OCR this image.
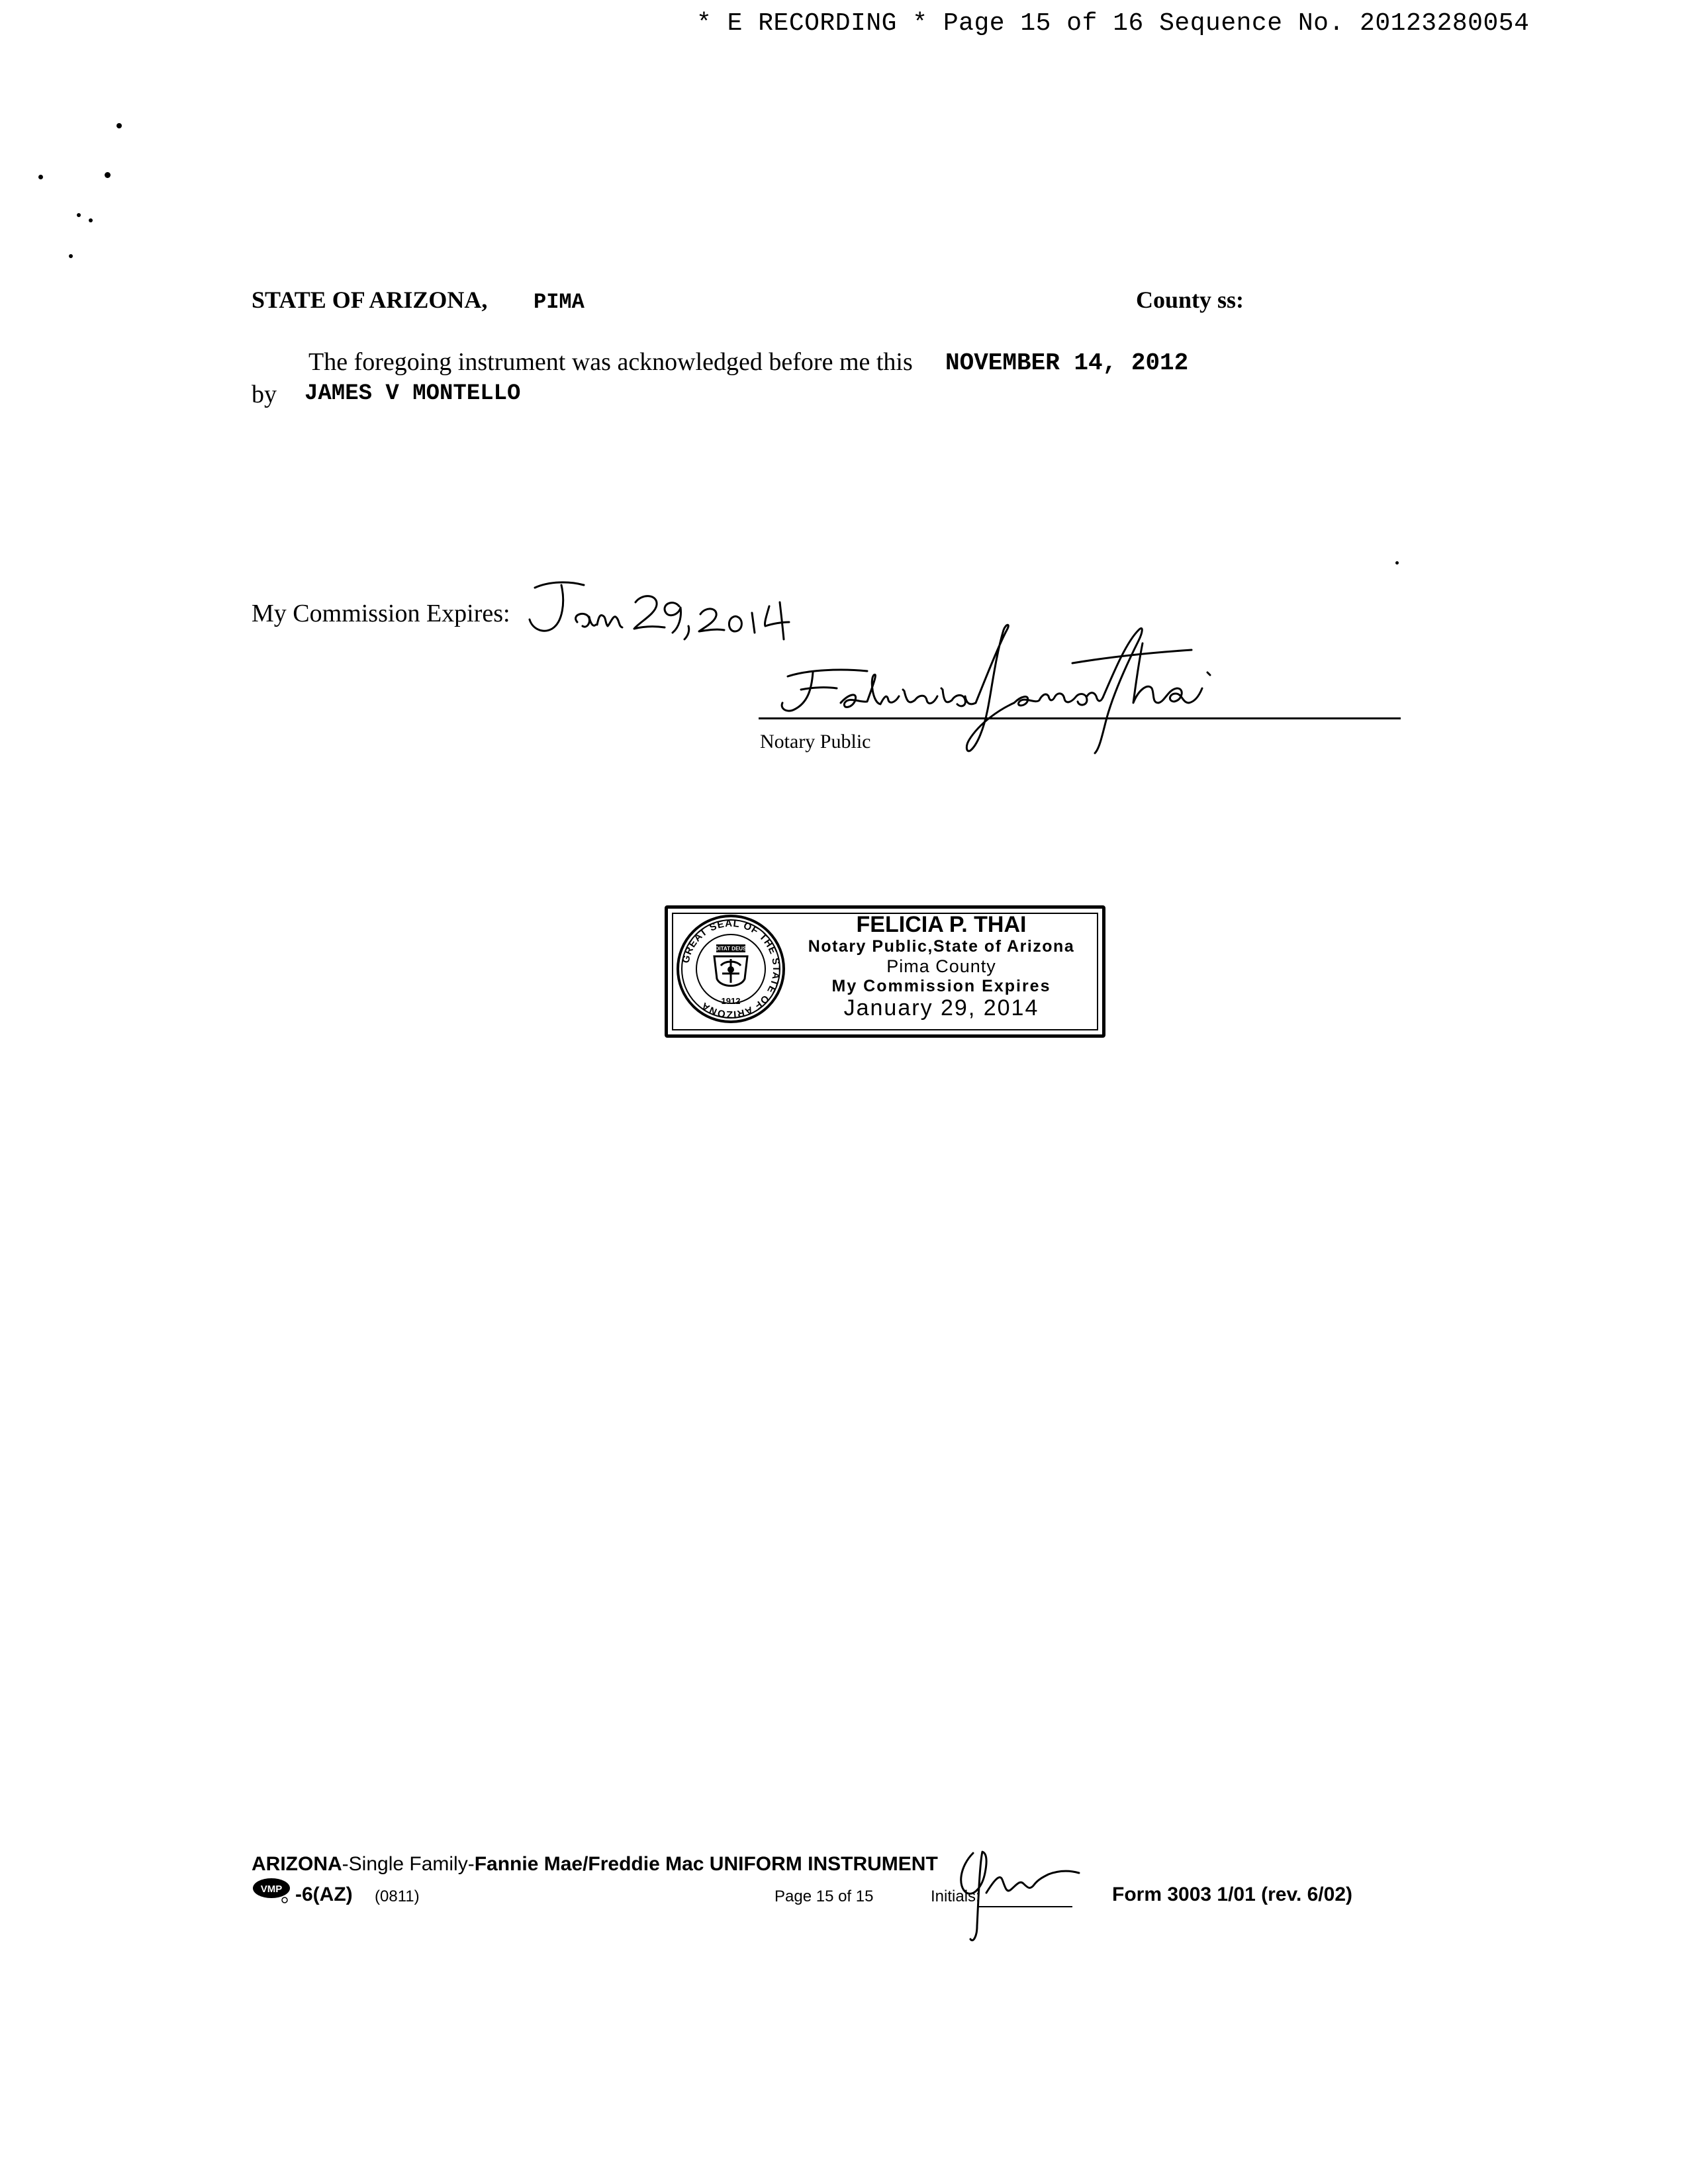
* E RECORDING * Page 15 of 16 Sequence No. 20123280054
STATE OF ARIZONA, PIMA	County ss:
The foregoing instrument was acknowledged before me this NOVEMBER 14, 2012
by JAMES V MONTELLO
My Commission Expires:
Notary Public
GREAT SEAL OF THE STATE OF ARIZONA
DITAT DEUS
1912
FELICIA P. THAI
Notary Public,State of Arizona
Pima County
My Commission Expires
January 29, 2014
ARIZONA-Single Family-Fannie Mae/Freddie Mac UNIFORM INSTRUMENT
VMP -6(AZ) (0811)	Page 15 of 15	Initials:	Form 3003 1/01 (rev. 6/02)
